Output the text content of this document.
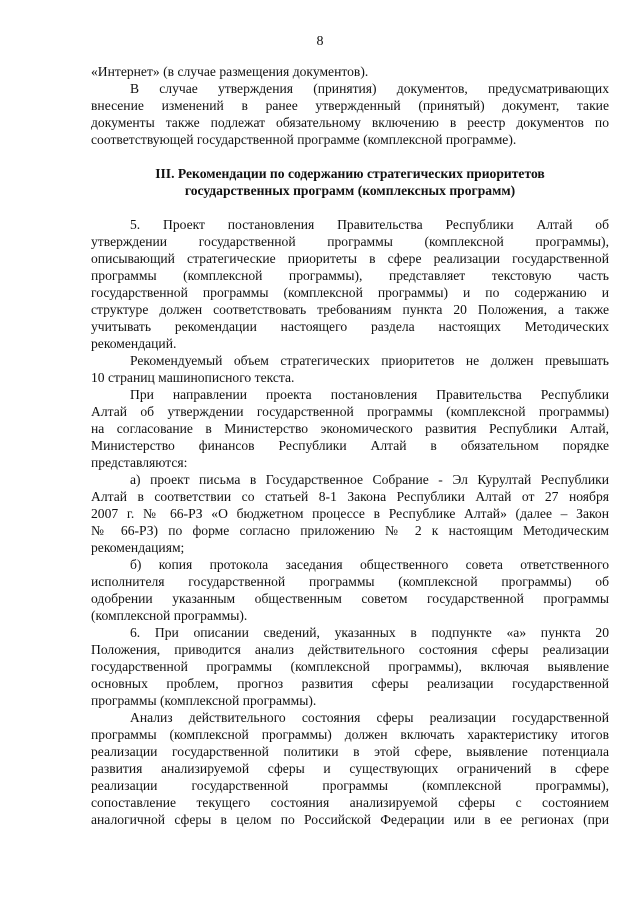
8
«Интернет» (в случае размещения документов).
В случае утверждения (принятия) документов, предусматривающих
внесение изменений в ранее утвержденный (принятый) документ, такие
документы также подлежат обязательному включению в реестр документов по
соответствующей государственной программе (комплексной программе).
III. Рекомендации по содержанию стратегических приоритетов
государственных программ (комплексных программ)
5. Проект постановления Правительства Республики Алтай об
утверждении государственной программы (комплексной программы),
описывающий стратегические приоритеты в сфере реализации государственной
программы (комплексной программы), представляет текстовую часть
государственной программы (комплексной программы) и по содержанию и
структуре должен соответствовать требованиям пункта 20 Положения, а также
учитывать рекомендации настоящего раздела настоящих Методических
рекомендаций.
Рекомендуемый объем стратегических приоритетов не должен превышать
10 страниц машинописного текста.
При направлении проекта постановления Правительства Республики
Алтай об утверждении государственной программы (комплексной программы)
на согласование в Министерство экономического развития Республики Алтай,
Министерство финансов Республики Алтай в обязательном порядке
представляются:
а) проект письма в Государственное Собрание - Эл Курултай Республики
Алтай в соответствии со статьей 8-1 Закона Республики Алтай от 27 ноября
2007 г. № 66-РЗ «О бюджетном процессе в Республике Алтай» (далее – Закон
№ 66-РЗ) по форме согласно приложению № 2 к настоящим Методическим
рекомендациям;
б) копия протокола заседания общественного совета ответственного
исполнителя государственной программы (комплексной программы) об
одобрении указанным общественным советом государственной программы
(комплексной программы).
6. При описании сведений, указанных в подпункте «а» пункта 20
Положения, приводится анализ действительного состояния сферы реализации
государственной программы (комплексной программы), включая выявление
основных проблем, прогноз развития сферы реализации государственной
программы (комплексной программы).
Анализ действительного состояния сферы реализации государственной
программы (комплексной программы) должен включать характеристику итогов
реализации государственной политики в этой сфере, выявление потенциала
развития анализируемой сферы и существующих ограничений в сфере
реализации государственной программы (комплексной программы),
сопоставление текущего состояния анализируемой сферы с состоянием
аналогичной сферы в целом по Российской Федерации или в ее регионах (при
